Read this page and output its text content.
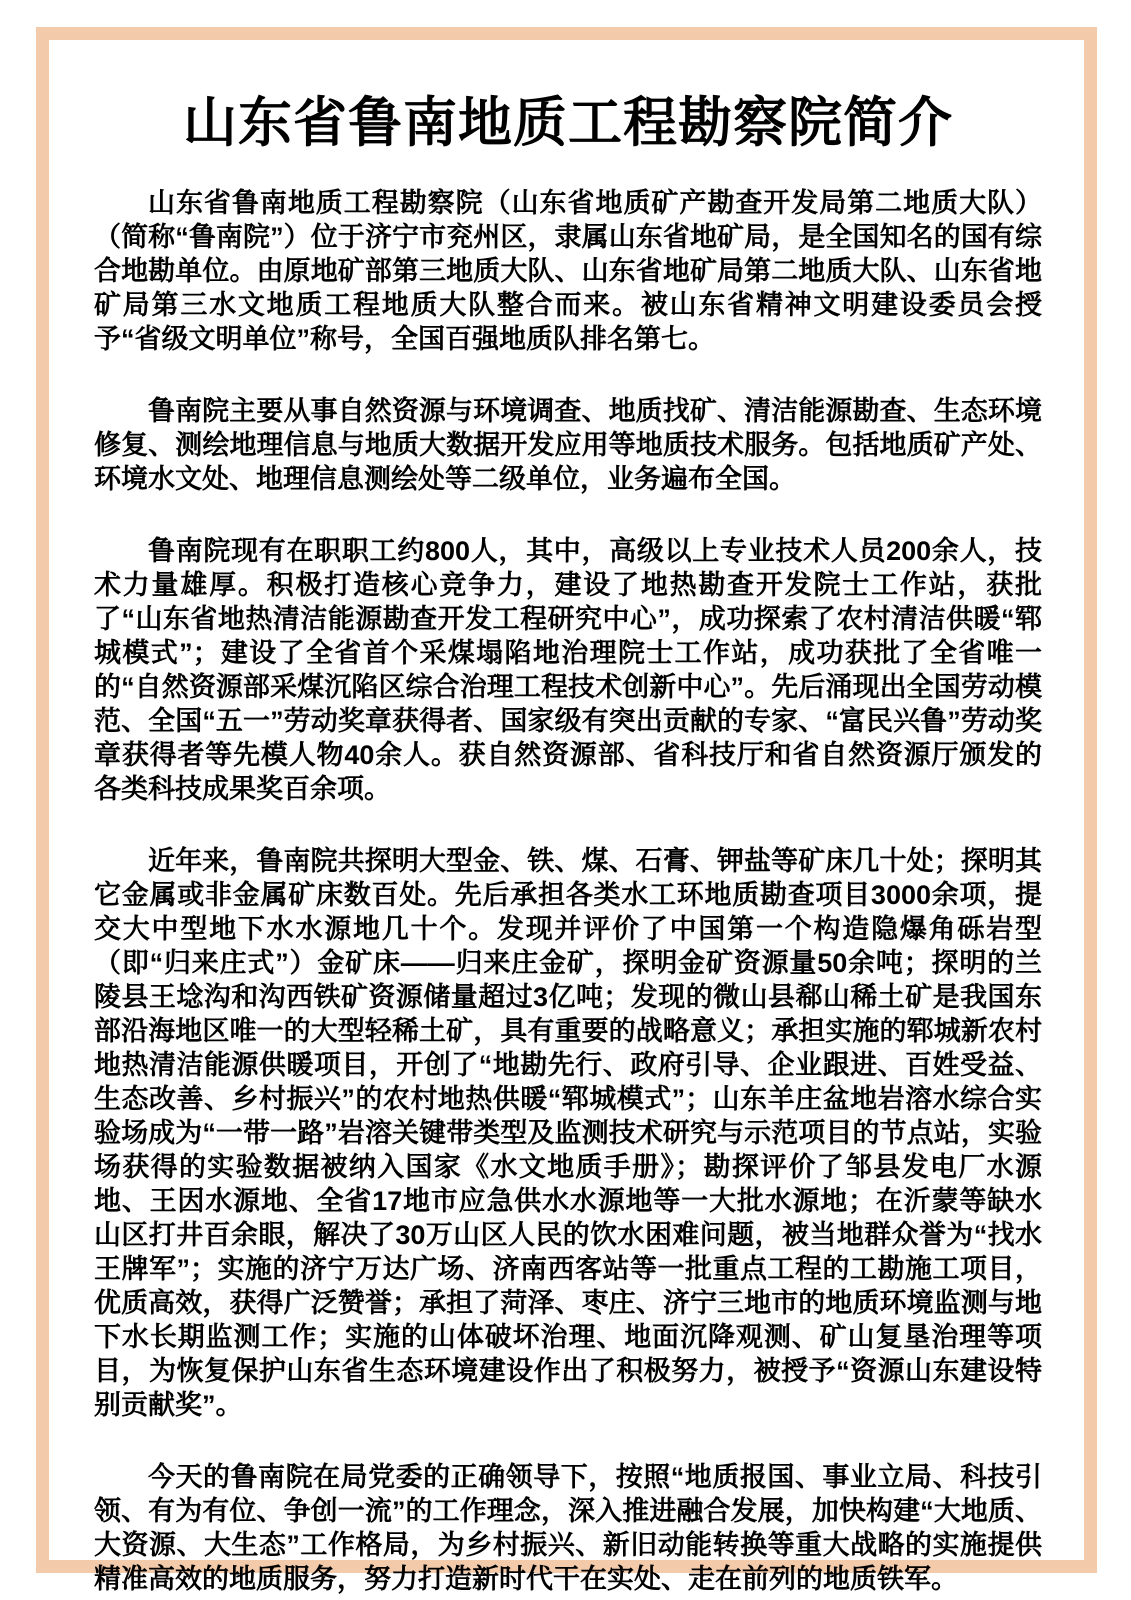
山东省鲁南地质工程勘察院简介

山东省鲁南地质工程勘察院（山东省地质矿产勘查开发局第二地质大队）（简称“鲁南院”）位于济宁市兖州区，隶属山东省地矿局，是全国知名的国有综合地勘单位。由原地矿部第三地质大队、山东省地矿局第二地质大队、山东省地矿局第三水文地质工程地质大队整合而来。被山东省精神文明建设委员会授予“省级文明单位”称号，全国百强地质队排名第七。

鲁南院主要从事自然资源与环境调查、地质找矿、清洁能源勘查、生态环境修复、测绘地理信息与地质大数据开发应用等地质技术服务。包括地质矿产处、环境水文处、地理信息测绘处等二级单位，业务遍布全国。

鲁南院现有在职职工约800人，其中，高级以上专业技术人员200余人，技术力量雄厚。积极打造核心竞争力，建设了地热勘查开发院士工作站，获批了“山东省地热清洁能源勘查开发工程研究中心”，成功探索了农村清洁供暖“郓城模式”；建设了全省首个采煤塌陷地治理院士工作站，成功获批了全省唯一的“自然资源部采煤沉陷区综合治理工程技术创新中心”。先后涌现出全国劳动模范、全国“五一”劳动奖章获得者、国家级有突出贡献的专家、“富民兴鲁”劳动奖章获得者等先模人物40余人。获自然资源部、省科技厅和省自然资源厅颁发的各类科技成果奖百余项。

近年来，鲁南院共探明大型金、铁、煤、石膏、钾盐等矿床几十处；探明其它金属或非金属矿床数百处。先后承担各类水工环地质勘查项目3000余项，提交大中型地下水水源地几十个。发现并评价了中国第一个构造隐爆角砾岩型（即“归来庄式”）金矿床——归来庄金矿，探明金矿资源量50余吨；探明的兰陵县王埝沟和沟西铁矿资源储量超过3亿吨；发现的微山县郗山稀土矿是我国东部沿海地区唯一的大型轻稀土矿，具有重要的战略意义；承担实施的郓城新农村地热清洁能源供暖项目，开创了“地勘先行、政府引导、企业跟进、百姓受益、生态改善、乡村振兴”的农村地热供暖“郓城模式”；山东羊庄盆地岩溶水综合实验场成为“一带一路”岩溶关键带类型及监测技术研究与示范项目的节点站，实验场获得的实验数据被纳入国家《水文地质手册》；勘探评价了邹县发电厂水源地、王因水源地、全省17地市应急供水水源地等一大批水源地；在沂蒙等缺水山区打井百余眼，解决了30万山区人民的饮水困难问题，被当地群众誉为“找水王牌军”；实施的济宁万达广场、济南西客站等一批重点工程的工勘施工项目，优质高效，获得广泛赞誉；承担了菏泽、枣庄、济宁三地市的地质环境监测与地下水长期监测工作；实施的山体破坏治理、地面沉降观测、矿山复垦治理等项目，为恢复保护山东省生态环境建设作出了积极努力，被授予“资源山东建设特别贡献奖”。

今天的鲁南院在局党委的正确领导下，按照“地质报国、事业立局、科技引领、有为有位、争创一流”的工作理念，深入推进融合发展，加快构建“大地质、大资源、大生态”工作格局，为乡村振兴、新旧动能转换等重大战略的实施提供精准高效的地质服务，努力打造新时代干在实处、走在前列的地质铁军。
